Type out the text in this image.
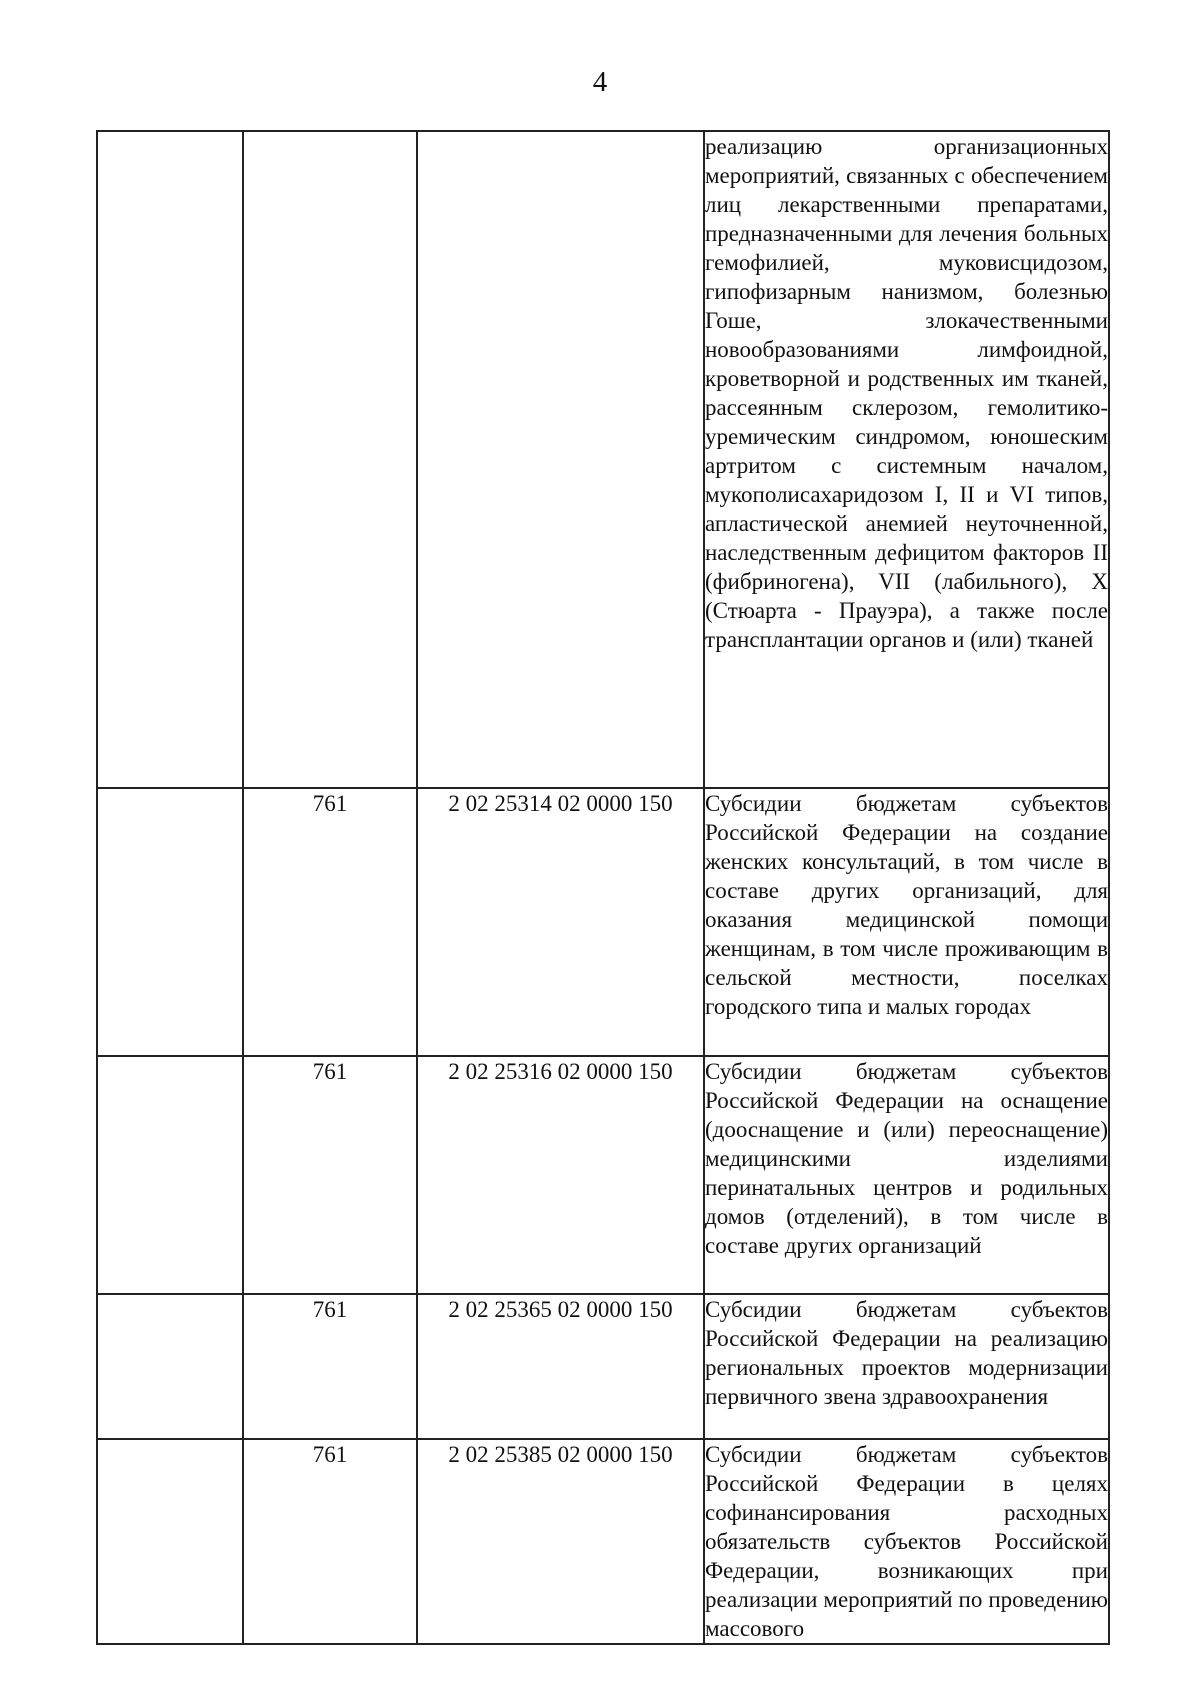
4
			реализацию организационных мероприятий, связанных с обеспечением лиц лекарственными препаратами, предназначенными для лечения больных гемофилией, муковисцидозом, гипофизарным нанизмом, болезнью Гоше, злокачественными новообразованиями лимфоидной, кроветворной и родственных им тканей, рассеянным склерозом, гемолитико-уремическим синдромом, юношеским артритом с системным началом, мукополисахаридозом I, II и VI типов, апластической анемией неуточненной, наследственным дефицитом факторов II (фибриногена), VII (лабильного), X (Стюарта - Прауэра), а также после трансплантации органов и (или) тканей
	761	2 02 25314 02 0000 150	Субсидии бюджетам субъектов Российской Федерации на создание женских консультаций, в том числе в составе других организаций, для оказания медицинской помощи женщинам, в том числе проживающим в сельской местности, поселках городского типа и малых городах
	761	2 02 25316 02 0000 150	Субсидии бюджетам субъектов Российской Федерации на оснащение (дооснащение и (или) переоснащение) медицинскими изделиями перинатальных центров и родильных домов (отделений), в том числе в составе других организаций
	761	2 02 25365 02 0000 150	Субсидии бюджетам субъектов Российской Федерации на реализацию региональных проектов модернизации первичного звена здравоохранения
	761	2 02 25385 02 0000 150	Субсидии бюджетам субъектов Российской Федерации в целях софинансирования расходных обязательств субъектов Российской Федерации, возникающих при реализации мероприятий по проведению массового
